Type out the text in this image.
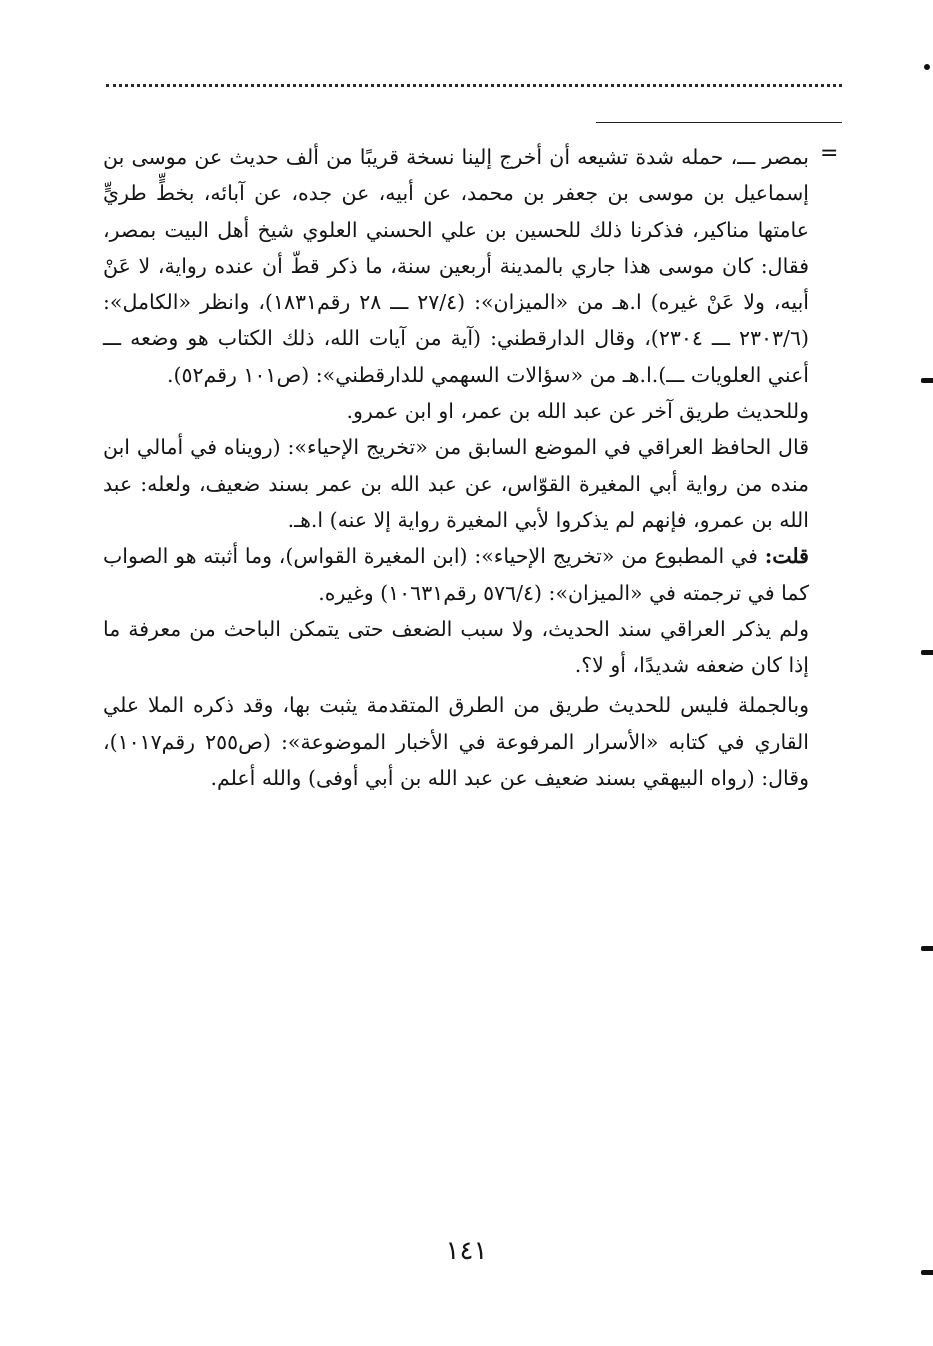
=

بمصر ـــ، حمله شدة تشيعه أن أخرج إلينا نسخة قريبًا من ألف حديث عن موسى بن إسماعيل بن موسى بن جعفر بن محمد، عن أبيه، عن جده، عن آبائه، بخطٍّ طريٍّ عامتها مناكير، فذكرنا ذلك للحسين بن علي الحسني العلوي شيخ أهل البيت بمصر، فقال: كان موسى هذا جاري بالمدينة أربعين سنة، ما ذكر قطّ أن عنده رواية، لا عَنْ أبيه، ولا عَنْ غيره) ا.هـ من «الميزان»: (٢٧/٤ ـــ ٢٨ رقم١٨٣١)، وانظر «الكامل»: (٢٣٠٣/٦ ـــ ٢٣٠٤)، وقال الدارقطني: (آية من آيات الله، ذلك الكتاب هو وضعه ـــ أعني العلويات ـــ).ا.هـ من «سؤالات السهمي للدارقطني»: (ص١٠١ رقم٥٢).

وللحديث طريق آخر عن عبد الله بن عمر، او ابن عمرو.

قال الحافظ العراقي في الموضع السابق من «تخريج الإحياء»: (رويناه في أمالي ابن منده من رواية أبي المغيرة القوّاس، عن عبد الله بن عمر بسند ضعيف، ولعله: عبد الله بن عمرو، فإنهم لم يذكروا لأبي المغيرة رواية إلا عنه) ا.هـ.

قلت: في المطبوع من «تخريج الإحياء»: (ابن المغيرة القواس)، وما أثبته هو الصواب كما في ترجمته في «الميزان»: (٥٧٦/٤ رقم١٠٦٣١) وغيره.

ولم يذكر العراقي سند الحديث، ولا سبب الضعف حتى يتمكن الباحث من معرفة ما إذا كان ضعفه شديدًا، أو لا؟.

وبالجملة فليس للحديث طريق من الطرق المتقدمة يثبت بها، وقد ذكره الملا علي القاري في كتابه «الأسرار المرفوعة في الأخبار الموضوعة»: (ص٢٥٥ رقم١٠١٧)، وقال: (رواه البيهقي بسند ضعيف عن عبد الله بن أبي أوفى) والله أعلم.

١٤١
